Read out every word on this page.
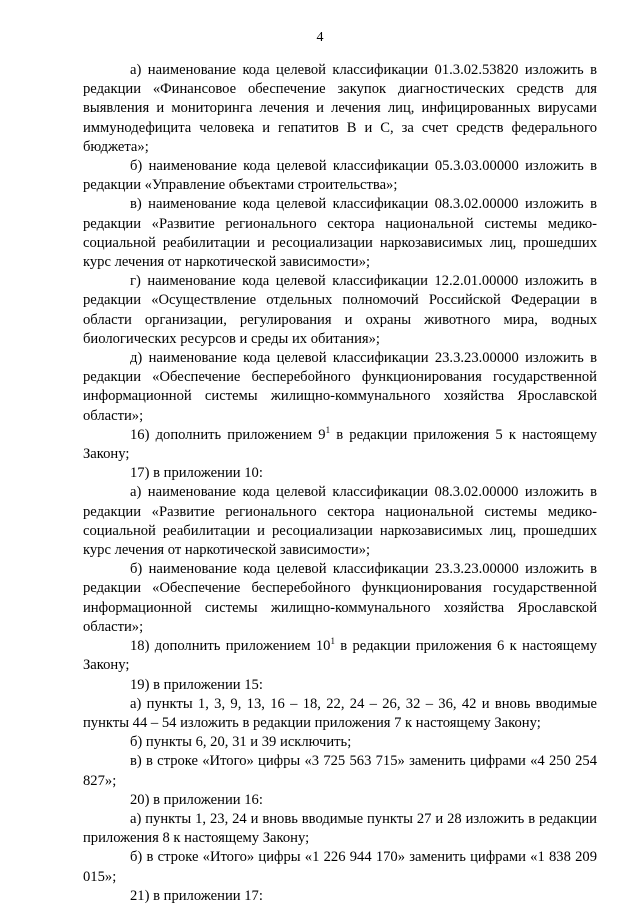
4

а) наименование кода целевой классификации 01.3.02.53820 изложить в редакции «Финансовое обеспечение закупок диагностических средств для выявления и мониторинга лечения и лечения лиц, инфицированных вирусами иммунодефицита человека и гепатитов B и C, за счет средств федерального бюджета»;

б) наименование кода целевой классификации 05.3.03.00000 изложить в редакции «Управление объектами строительства»;

в) наименование кода целевой классификации 08.3.02.00000 изложить в редакции «Развитие регионального сектора национальной системы медико-социальной реабилитации и ресоциализации наркозависимых лиц, прошедших курс лечения от наркотической зависимости»;

г) наименование кода целевой классификации 12.2.01.00000 изложить в редакции «Осуществление отдельных полномочий Российской Федерации в области организации, регулирования и охраны животного мира, водных биологических ресурсов и среды их обитания»;

д) наименование кода целевой классификации 23.3.23.00000 изложить в редакции «Обеспечение бесперебойного функционирования государственной информационной системы жилищно-коммунального хозяйства Ярославской области»;

16) дополнить приложением $9^1$ в редакции приложения 5 к настоящему Закону;

17) в приложении 10:

а) наименование кода целевой классификации 08.3.02.00000 изложить в редакции «Развитие регионального сектора национальной системы медико-социальной реабилитации и ресоциализации наркозависимых лиц, прошедших курс лечения от наркотической зависимости»;

б) наименование кода целевой классификации 23.3.23.00000 изложить в редакции «Обеспечение бесперебойного функционирования государственной информационной системы жилищно-коммунального хозяйства Ярославской области»;

18) дополнить приложением $10^1$ в редакции приложения 6 к настоящему Закону;

19) в приложении 15:

а) пункты 1, 3, 9, 13, 16 – 18, 22, 24 – 26, 32 – 36, 42 и вновь вводимые пункты 44 – 54 изложить в редакции приложения 7 к настоящему Закону;

б) пункты 6, 20, 31 и 39 исключить;

в) в строке «Итого» цифры «3 725 563 715» заменить цифрами «4 250 254 827»;

20) в приложении 16:

а) пункты 1, 23, 24 и вновь вводимые пункты 27 и 28 изложить в редакции приложения 8 к настоящему Закону;

б) в строке «Итого» цифры «1 226 944 170» заменить цифрами «1 838 209 015»;

21) в приложении 17:
